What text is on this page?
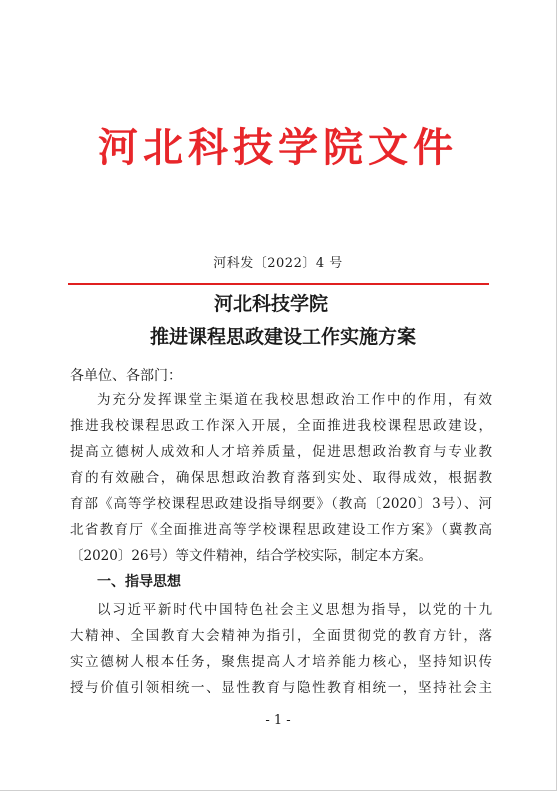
河北科技学院文件
河科发〔2022〕4 号
河北科技学院
推进课程思政建设工作实施方案
各单位、各部门：
为充分发挥课堂主渠道在我校思想政治工作中的作用，有效
推进我校课程思政工作深入开展，全面推进我校课程思政建设，
提高立德树人成效和人才培养质量，促进思想政治教育与专业教
育的有效融合，确保思想政治教育落到实处、取得成效，根据教
育部《高等学校课程思政建设指导纲要》（教高〔2020〕3号）、河
北省教育厅《全面推进高等学校课程思政建设工作方案》（冀教高
〔2020〕26号）等文件精神，结合学校实际，制定本方案。
一、指导思想
以习近平新时代中国特色社会主义思想为指导，以党的十九
大精神、全国教育大会精神为指引，全面贯彻党的教育方针，落
实立德树人根本任务，聚焦提高人才培养能力核心，坚持知识传
授与价值引领相统一、显性教育与隐性教育相统一，坚持社会主
- 1 -
